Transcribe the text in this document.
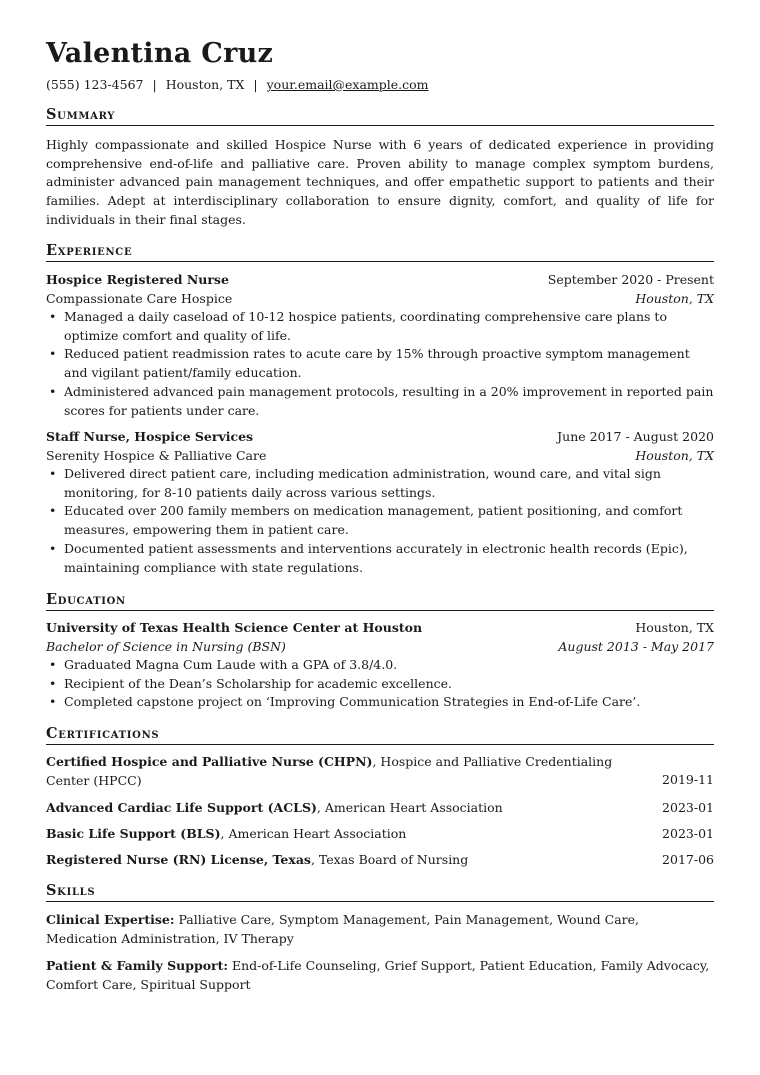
Valentina Cruz
(555) 123-4567 | Houston, TX | your.email@example.com
Summary
Highly compassionate and skilled Hospice Nurse with 6 years of dedicated experience in providing comprehensive end-of-life and palliative care. Proven ability to manage complex symptom burdens, administer advanced pain management techniques, and offer empathetic support to patients and their families. Adept at interdisciplinary collaboration to ensure dignity, comfort, and quality of life for individuals in their final stages.
Experience
Hospice Registered Nurse	September 2020 - Present
Compassionate Care Hospice	Houston, TX
• Managed a daily caseload of 10-12 hospice patients, coordinating comprehensive care plans to optimize comfort and quality of life.
• Reduced patient readmission rates to acute care by 15% through proactive symptom management and vigilant patient/family education.
• Administered advanced pain management protocols, resulting in a 20% improvement in reported pain scores for patients under care.
Staff Nurse, Hospice Services	June 2017 - August 2020
Serenity Hospice & Palliative Care	Houston, TX
• Delivered direct patient care, including medication administration, wound care, and vital sign monitoring, for 8-10 patients daily across various settings.
• Educated over 200 family members on medication management, patient positioning, and comfort measures, empowering them in patient care.
• Documented patient assessments and interventions accurately in electronic health records (Epic), maintaining compliance with state regulations.
Education
University of Texas Health Science Center at Houston	Houston, TX
Bachelor of Science in Nursing (BSN)	August 2013 - May 2017
• Graduated Magna Cum Laude with a GPA of 3.8/4.0.
• Recipient of the Dean’s Scholarship for academic excellence.
• Completed capstone project on ‘Improving Communication Strategies in End-of-Life Care’.
Certifications
Certified Hospice and Palliative Nurse (CHPN), Hospice and Palliative Credentialing Center (HPCC)	2019-11
Advanced Cardiac Life Support (ACLS), American Heart Association	2023-01
Basic Life Support (BLS), American Heart Association	2023-01
Registered Nurse (RN) License, Texas, Texas Board of Nursing	2017-06
Skills
Clinical Expertise: Palliative Care, Symptom Management, Pain Management, Wound Care, Medication Administration, IV Therapy
Patient & Family Support: End-of-Life Counseling, Grief Support, Patient Education, Family Advocacy, Comfort Care, Spiritual Support
